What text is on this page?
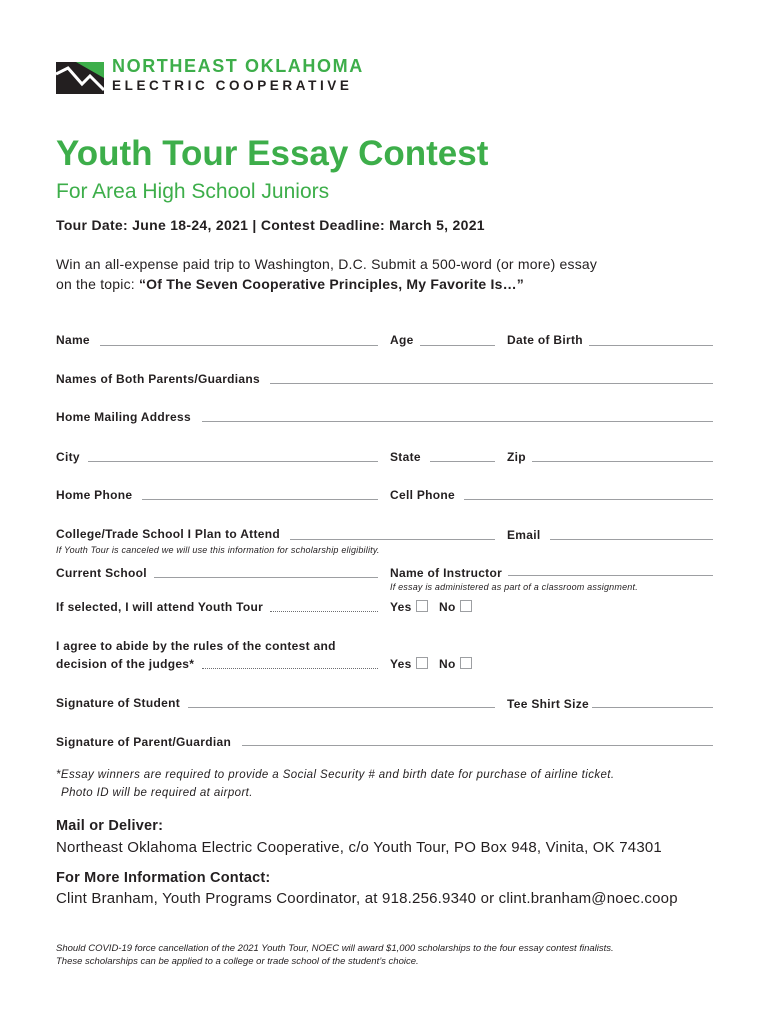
NORTHEAST OKLAHOMA
ELECTRIC COOPERATIVE
Youth Tour Essay Contest
For Area High School Juniors
Tour Date: June 18-24, 2021 | Contest Deadline: March 5, 2021
Win an all-expense paid trip to Washington, D.C. Submit a 500-word (or more) essay
on the topic: “Of The Seven Cooperative Principles, My Favorite Is…”
Name	Age	Date of Birth
Names of Both Parents/Guardians
Home Mailing Address
City	State	Zip
Home Phone	Cell Phone
College/Trade School I Plan to Attend	Email
If Youth Tour is canceled we will use this information for scholarship eligibility.
Current School	Name of Instructor
If essay is administered as part of a classroom assignment.
If selected, I will attend Youth Tour	Yes	No
I agree to abide by the rules of the contest and
decision of the judges*	Yes	No
Signature of Student	Tee Shirt Size
Signature of Parent/Guardian
*Essay winners are required to provide a Social Security # and birth date for purchase of airline ticket.
Photo ID will be required at airport.
Mail or Deliver:
Northeast Oklahoma Electric Cooperative, c/o Youth Tour, PO Box 948, Vinita, OK 74301
For More Information Contact:
Clint Branham, Youth Programs Coordinator, at 918.256.9340 or clint.branham@noec.coop
Should COVID-19 force cancellation of the 2021 Youth Tour, NOEC will award $1,000 scholarships to the four essay contest finalists.
These scholarships can be applied to a college or trade school of the student’s choice.
